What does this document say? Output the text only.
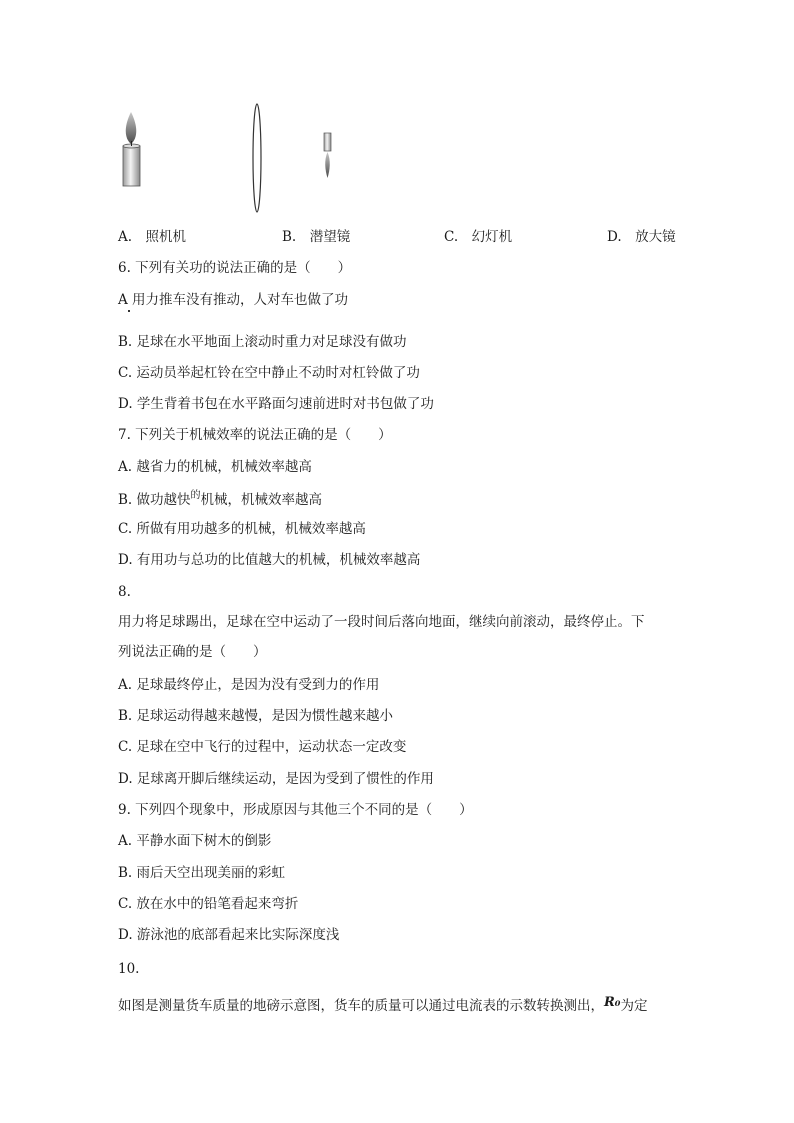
A.　 照机机	B.　 潜望镜	C.　 幻灯机	D.　 放大镜
6. 下列有关功的说法正确的是（　　）
A 用力推车没有推动，人对车也做了功
B. 足球在水平地面上滚动时重力对足球没有做功
C. 运动员举起杠铃在空中静止不动时对杠铃做了功
D. 学生背着书包在水平路面匀速前进时对书包做了功
7. 下列关于机械效率的说法正确的是（　　）
A. 越省力的机械，机械效率越高
B. 做功越快$^的$机械，机械效率越高
C. 所做有用功越多的机械，机械效率越高
D. 有用功与总功的比值越大的机械，机械效率越高
8.
用力将足球踢出，足球在空中运动了一段时间后落向地面，继续向前滚动，最终停止。下
列说法正确的是（　　）
A. 足球最终停止，是因为没有受到力的作用
B. 足球运动得越来越慢，是因为惯性越来越小
C. 足球在空中飞行的过程中，运动状态一定改变
D. 足球离开脚后继续运动，是因为受到了惯性的作用
9. 下列四个现象中，形成原因与其他三个不同的是（　　）
A. 平静水面下树木的倒影
B. 雨后天空出现美丽的彩虹
C. 放在水中的铅笔看起来弯折
D. 游泳池的底部看起来比实际深度浅
10.
如图是测量货车质量的地磅示意图，货车的质量可以通过电流表的示数转换测出，R₀为定
